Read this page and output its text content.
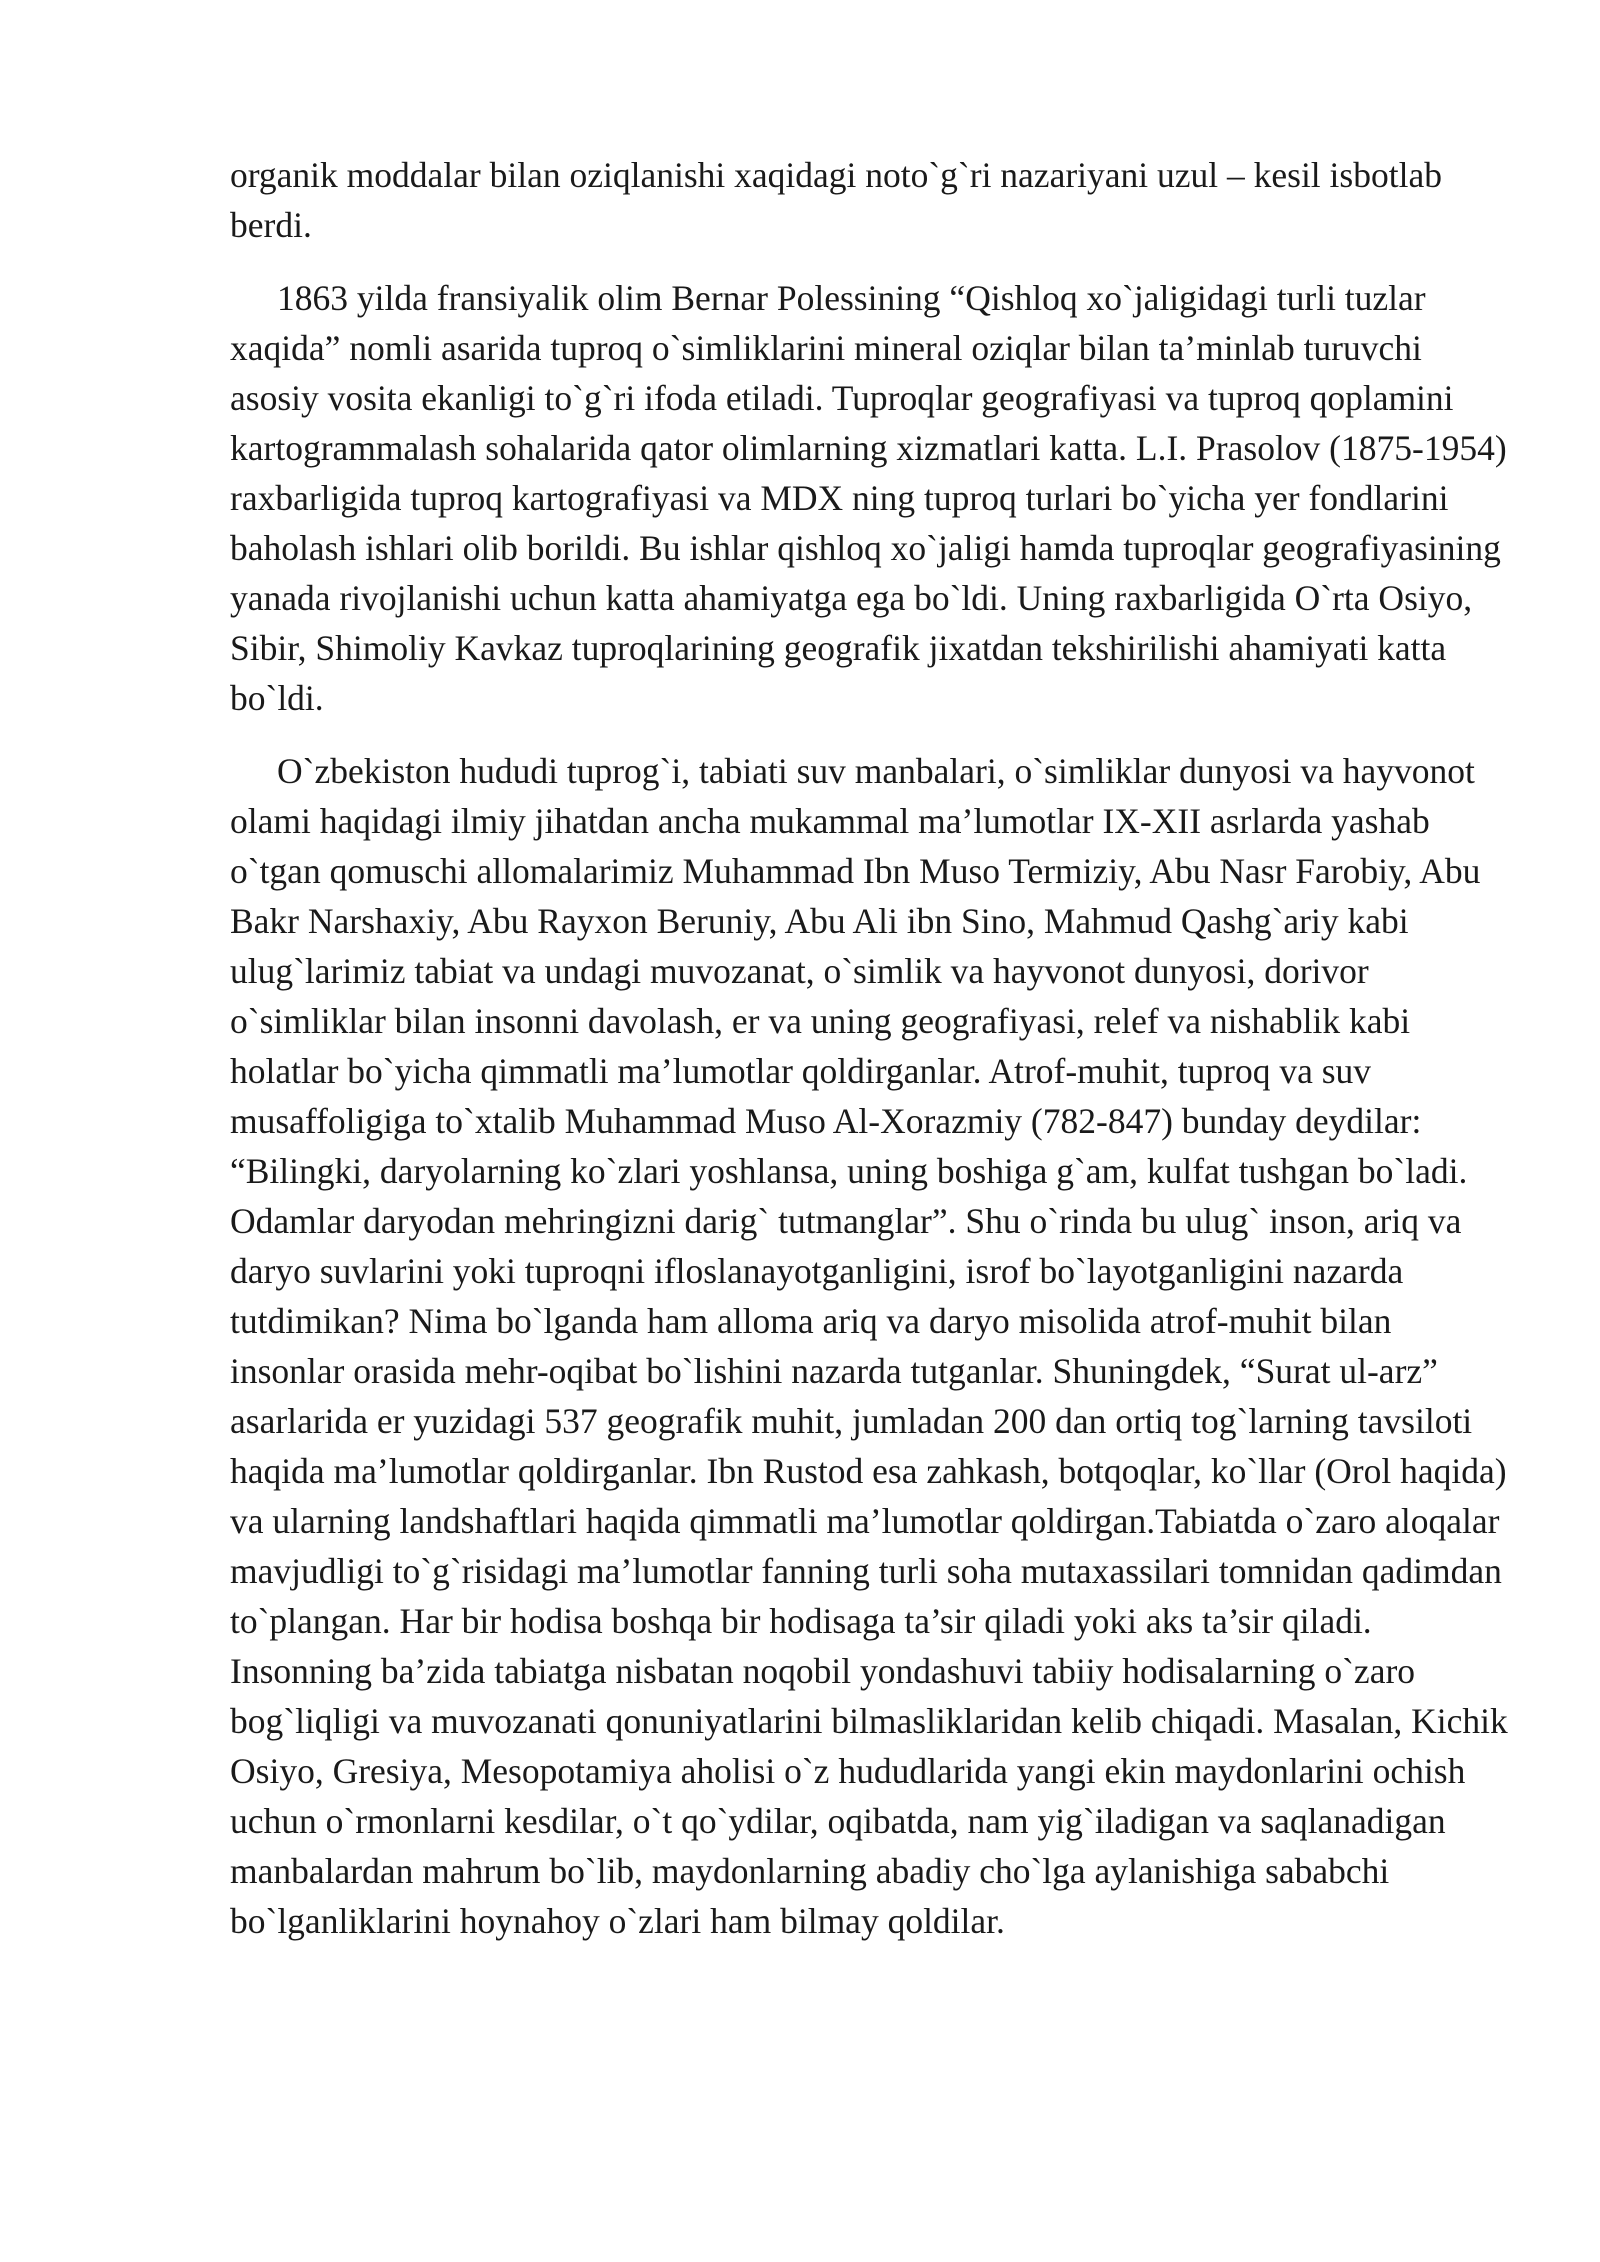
organik moddalar bilan oziqlanishi xaqidagi noto`g`ri nazariyani uzul – kesil isbotlab berdi.

1863 yilda fransiyalik olim Bernar Polessining “Qishloq xo`jaligidagi turli tuzlar xaqida” nomli asarida tuproq o`simliklarini mineral oziqlar bilan ta’minlab turuvchi asosiy vosita ekanligi to`g`ri ifoda etiladi. Tuproqlar geografiyasi va tuproq qoplamini kartogrammalash sohalarida qator olimlarning xizmatlari katta. L.I. Prasolov (1875-1954) raxbarligida tuproq kartografiyasi va MDX ning tuproq turlari bo`yicha yer fondlarini baholash ishlari olib borildi. Bu ishlar qishloq xo`jaligi hamda tuproqlar geografiyasining yanada rivojlanishi uchun katta ahamiyatga ega bo`ldi. Uning raxbarligida O`rta Osiyo, Sibir, Shimoliy Kavkaz tuproqlarining geografik jixatdan tekshirilishi ahamiyati katta bo`ldi.

O`zbekiston hududi tuprog`i, tabiati suv manbalari, o`simliklar dunyosi va hayvonot olami haqidagi ilmiy jihatdan ancha mukammal ma’lumotlar IX-XII asrlarda yashab o`tgan qomuschi allomalarimiz Muhammad Ibn Muso Termiziy, Abu Nasr Farobiy, Abu Bakr Narshaxiy, Abu Rayxon Beruniy, Abu Ali ibn Sino, Mahmud Qashg`ariy kabi ulug`larimiz tabiat va undagi muvozanat, o`simlik va hayvonot dunyosi, dorivor o`simliklar bilan insonni davolash, er va uning geografiyasi, relef va nishablik kabi holatlar bo`yicha qimmatli ma’lumotlar qoldirganlar. Atrof-muhit, tuproq va suv musaffoligiga to`xtalib Muhammad Muso Al-Xorazmiy (782-847) bunday deydilar: “Bilingki, daryolarning ko`zlari yoshlansa, uning boshiga g`am, kulfat tushgan bo`ladi. Odamlar daryodan mehringizni darig` tutmanglar”. Shu o`rinda bu ulug` inson, ariq va daryo suvlarini yoki tuproqni ifloslanayotganligini, isrof bo`layotganligini nazarda tutdimikan? Nima bo`lganda ham alloma ariq va daryo misolida atrof-muhit bilan insonlar orasida mehr-oqibat bo`lishini nazarda tutganlar. Shuningdek, “Surat ul-arz” asarlarida er yuzidagi 537 geografik muhit, jumladan 200 dan ortiq tog`larning tavsiloti haqida ma’lumotlar qoldirganlar. Ibn Rustod esa zahkash, botqoqlar, ko`llar (Orol haqida) va ularning landshaftlari haqida qimmatli ma’lumotlar qoldirgan.Tabiatda o`zaro aloqalar mavjudligi to`g`risidagi ma’lumotlar fanning turli soha mutaxassilari tomnidan qadimdan to`plangan. Har bir hodisa boshqa bir hodisaga ta’sir qiladi yoki aks ta’sir qiladi. Insonning ba’zida tabiatga nisbatan noqobil yondashuvi tabiiy hodisalarning o`zaro bog`liqligi va muvozanati qonuniyatlarini bilmasliklaridan kelib chiqadi. Masalan, Kichik Osiyo, Gresiya, Mesopotamiya aholisi o`z hududlarida yangi ekin maydonlarini ochish uchun o`rmonlarni kesdilar, o`t qo`ydilar, oqibatda, nam yig`iladigan va saqlanadigan manbalardan mahrum bo`lib, maydonlarning abadiy cho`lga aylanishiga sababchi bo`lganliklarini hoynahoy o`zlari ham bilmay qoldilar.
